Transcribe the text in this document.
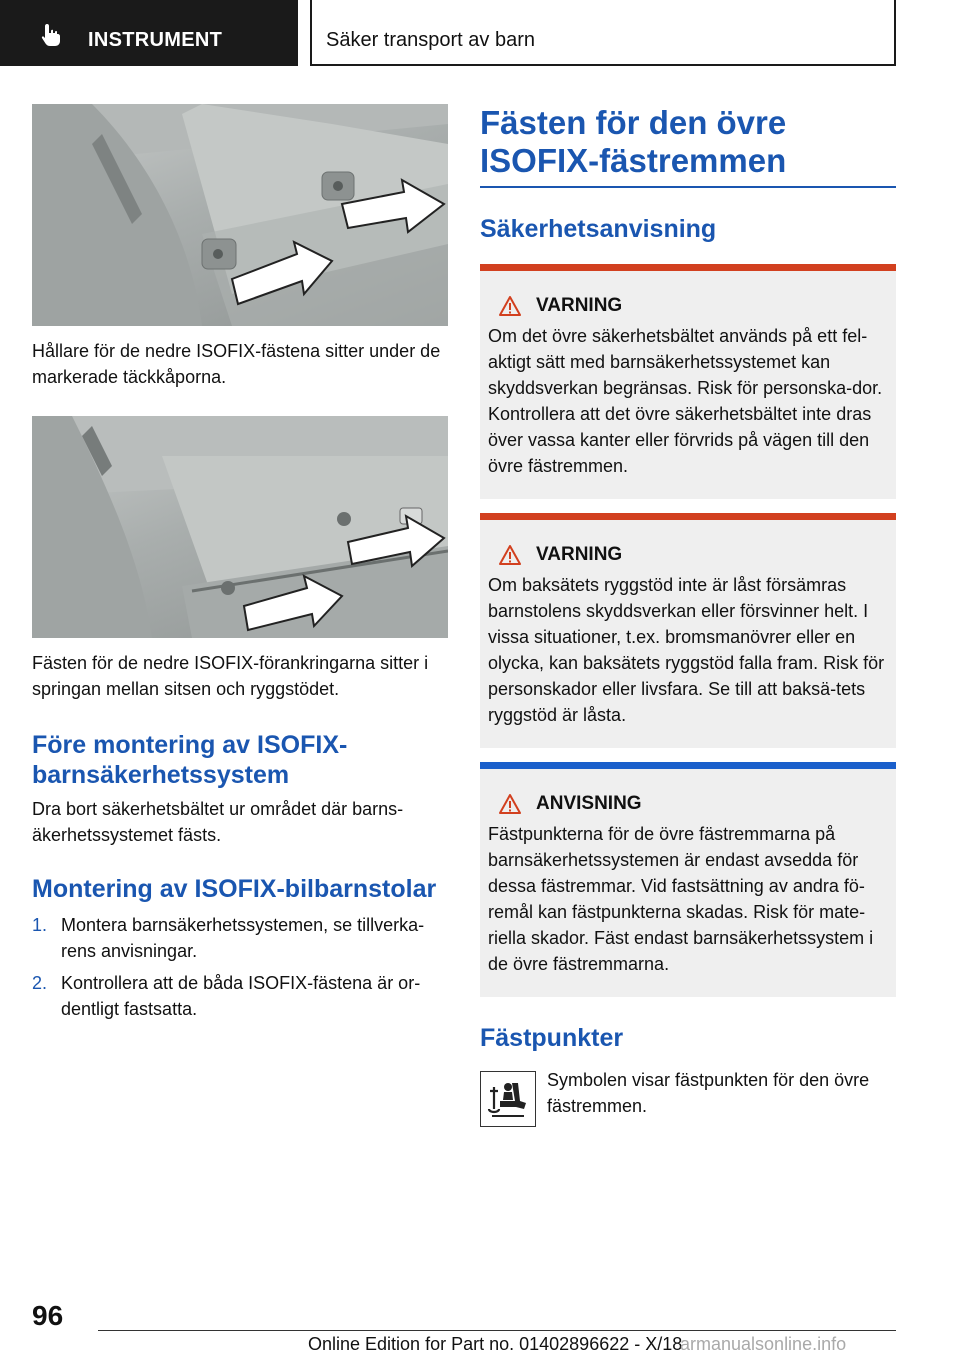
INSTRUMENT	Säker transport av barn

Hållare för de nedre ISOFIX-fästena sitter under de markerade täckkåporna.

Fästen för de nedre ISOFIX-förankringarna sitter i springan mellan sitsen och ryggstödet.

Före montering av ISOFIX-barnsäkerhetssystem

Dra bort säkerhetsbältet ur området där barns-äkerhetssystemet fästs.

Montering av ISOFIX-bilbarnstolar
1. Montera barnsäkerhetssystemen, se tillverka-rens anvisningar.
2. Kontrollera att de båda ISOFIX-fästena är or-dentligt fastsatta.
Fästen för den övre ISOFIX-fästremmen
Säkerhetsanvisning
VARNING

Om det övre säkerhetsbältet används på ett fel-aktigt sätt med barnsäkerhetssystemet kan skyddsverkan begränsas. Risk för personska-dor. Kontrollera att det övre säkerhetsbältet inte dras över vassa kanter eller förvrids på vägen till den övre fästremmen.

VARNING

Om baksätets ryggstöd inte är låst försämras barnstolens skyddsverkan eller försvinner helt. I vissa situationer, t.ex. bromsmanövrer eller en olycka, kan baksätets ryggstöd falla fram. Risk för personskador eller livsfara. Se till att baksä-tets ryggstöd är låsta.

ANVISNING

Fästpunkterna för de övre fästremmarna på barnsäkerhetssystemen är endast avsedda för dessa fästremmar. Vid fastsättning av andra fö-remål kan fästpunkterna skadas. Risk för mate-riella skador. Fäst endast barnsäkerhetssystem i de övre fästremmarna.

Fästpunkter

Symbolen visar fästpunkten för den övre fästremmen.

96
Online Edition for Part no. 01402896622 - X/18
armanualsonline.info
